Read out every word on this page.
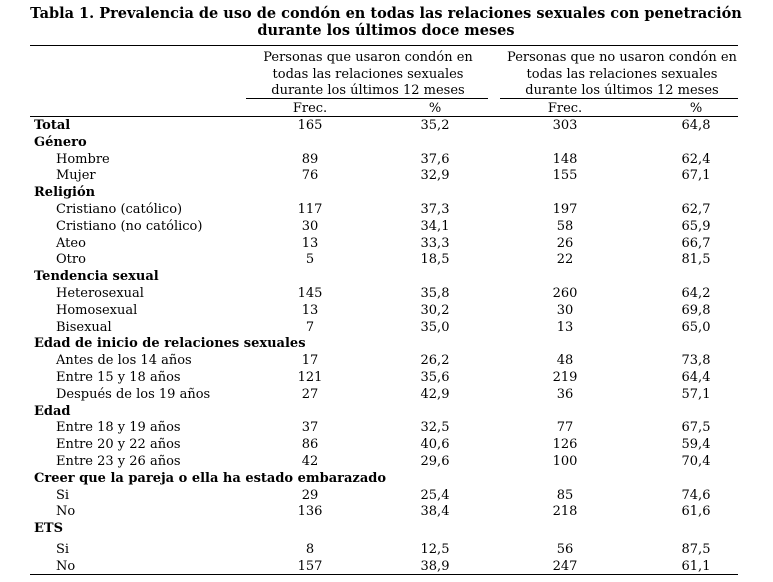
Tabla 1. Prevalencia de uso de condón en todas las relaciones sexuales con penetración durante los últimos doce meses
Personas que usaron condón en todas las relaciones sexuales durante los últimos 12 meses
Personas que no usaron condón en todas las relaciones sexuales durante los últimos 12 meses
Frec.	%	Frec.	%
Total	165	35,2	303	64,8
Género
Hombre	89	37,6	148	62,4
Mujer	76	32,9	155	67,1
Religión
Cristiano (católico)	117	37,3	197	62,7
Cristiano (no católico)	30	34,1	58	65,9
Ateo	13	33,3	26	66,7
Otro	5	18,5	22	81,5
Tendencia sexual
Heterosexual	145	35,8	260	64,2
Homosexual	13	30,2	30	69,8
Bisexual	7	35,0	13	65,0
Edad de inicio de relaciones sexuales
Antes de los 14 años	17	26,2	48	73,8
Entre 15 y 18 años	121	35,6	219	64,4
Después de los 19 años	27	42,9	36	57,1
Edad
Entre 18 y 19 años	37	32,5	77	67,5
Entre 20 y 22 años	86	40,6	126	59,4
Entre 23 y 26 años	42	29,6	100	70,4
Creer que la pareja o ella ha estado embarazado
Si	29	25,4	85	74,6
No	136	38,4	218	61,6
ETS
Si	8	12,5	56	87,5
No	157	38,9	247	61,1
